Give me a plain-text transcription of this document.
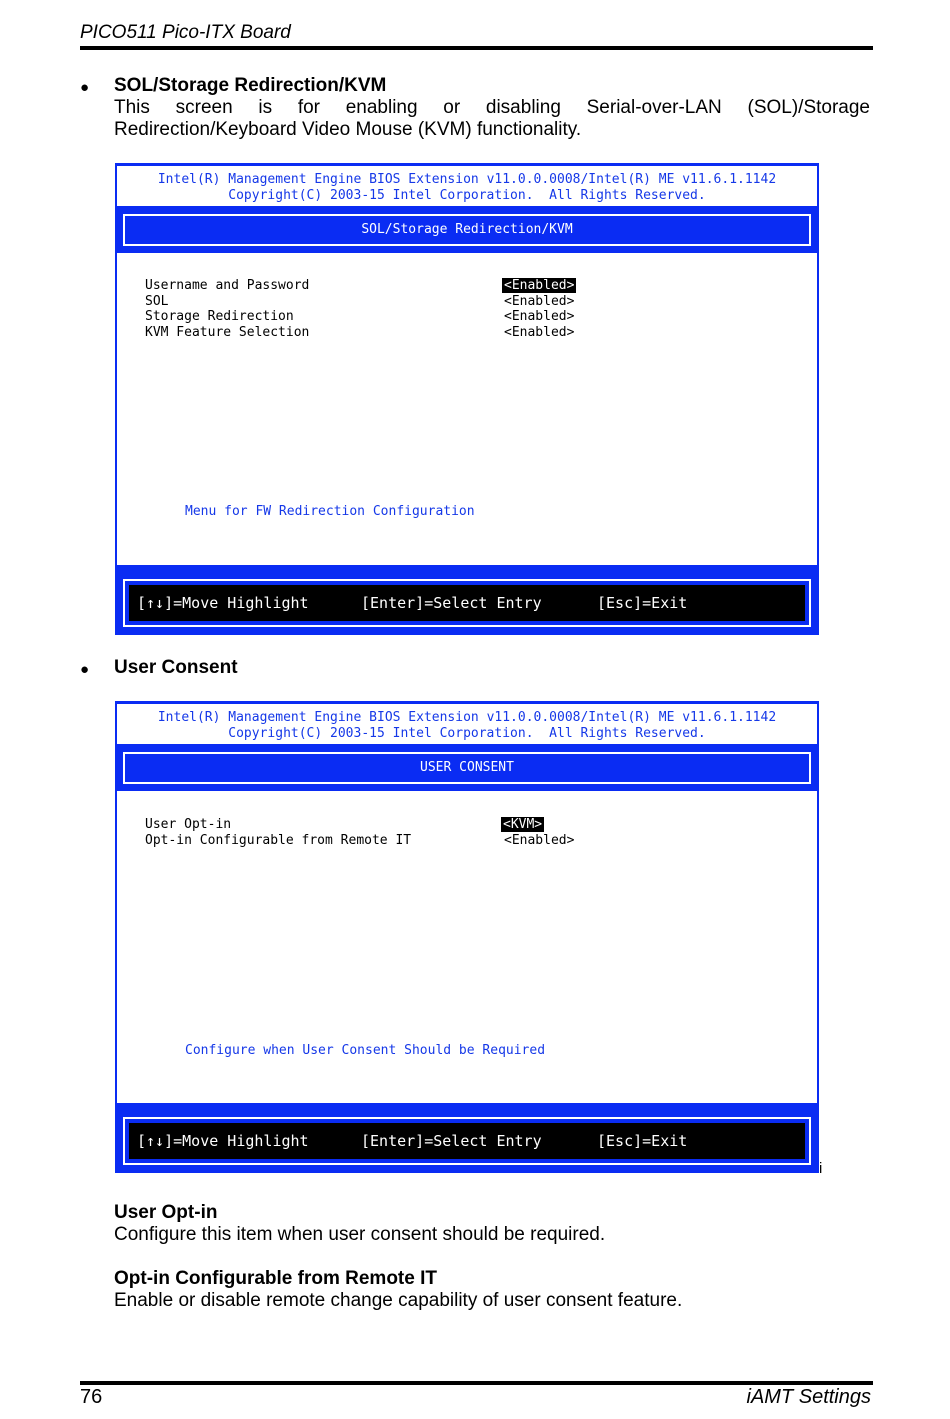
PICO511 Pico-ITX Board
● SOL/Storage Redirection/KVM
This screen is for enabling or disabling Serial-over-LAN (SOL)/Storage
Redirection/Keyboard Video Mouse (KVM) functionality.

Intel(R) Management Engine BIOS Extension v11.0.0.0008/Intel(R) ME v11.6.1.1142

Copyright(C) 2003-15 Intel Corporation.  All Rights Reserved.

SOL/Storage Redirection/KVM
Username and Password	<Enabled>
SOL	<Enabled>
Storage Redirection	<Enabled>
KVM Feature Selection	<Enabled>
Menu for FW Redirection Configuration
[↑↓]=Move Highlight	[Enter]=Select Entry	[Esc]=Exit
● User Consent

Intel(R) Management Engine BIOS Extension v11.0.0.0008/Intel(R) ME v11.6.1.1142

Copyright(C) 2003-15 Intel Corporation.  All Rights Reserved.

USER CONSENT
User Opt-in	<KVM>
Opt-in Configurable from Remote IT	<Enabled>
Configure when User Consent Should be Required
[↑↓]=Move Highlight	[Enter]=Select Entry	[Esc]=Exit
i
User Opt-in
Configure this item when user consent should be required.
Opt-in Configurable from Remote IT
Enable or disable remote change capability of user consent feature.
76	iAMT Settings
